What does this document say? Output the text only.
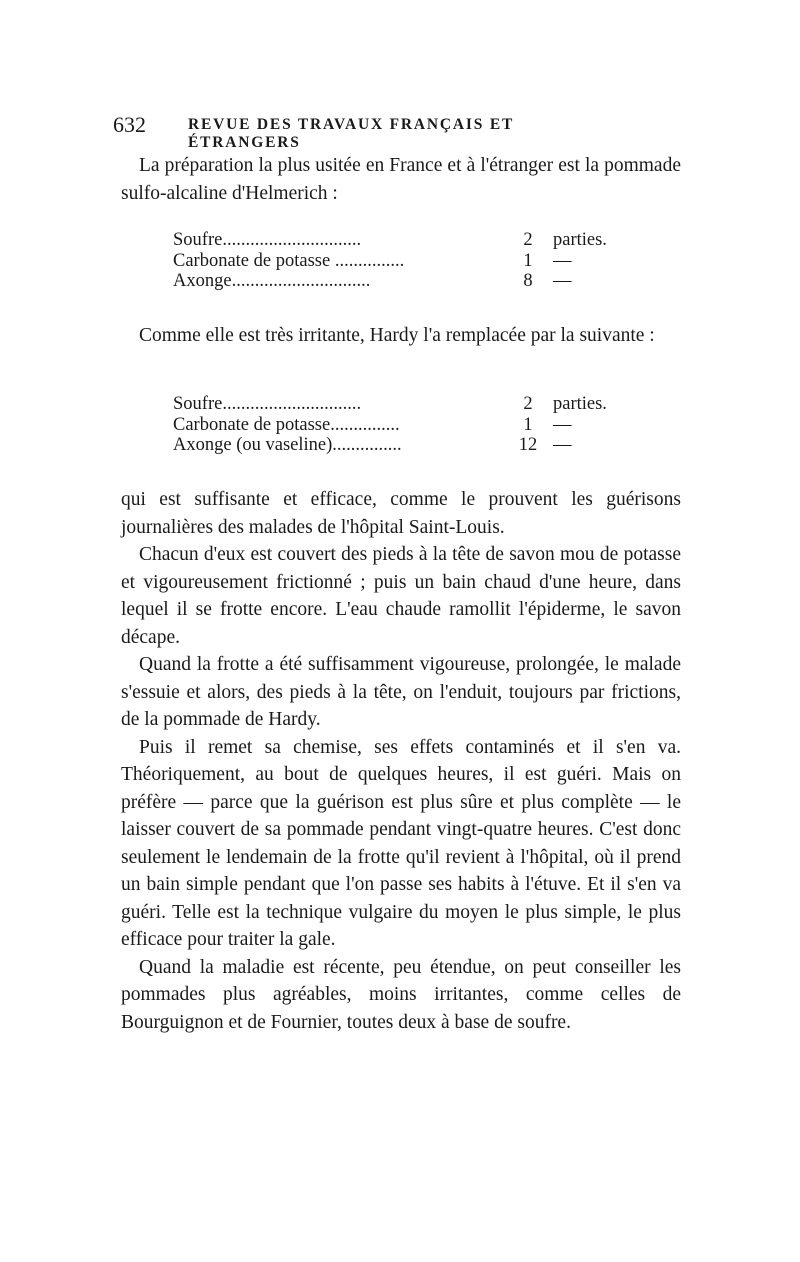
632	REVUE DES TRAVAUX FRANÇAIS ET ÉTRANGERS

La préparation la plus usitée en France et à l'étranger est la pommade sulfo-alcaline d'Helmerich :

Soufre..............................	2	parties.
Carbonate de potasse ...............	1	—
Axonge..............................	8	—

Comme elle est très irritante, Hardy l'a remplacée par la suivante :

Soufre..............................	2	parties.
Carbonate de potasse...............	1	—
Axonge (ou vaseline)...............	12 —

qui est suffisante et efficace, comme le prouvent les guérisons journalières des malades de l'hôpital Saint-Louis.

Chacun d'eux est couvert des pieds à la tête de savon mou de potasse et vigoureusement frictionné ; puis un bain chaud d'une heure, dans lequel il se frotte encore. L'eau chaude ramollit l'épiderme, le savon décape.

Quand la frotte a été suffisamment vigoureuse, prolongée, le malade s'essuie et alors, des pieds à la tête, on l'enduit, toujours par frictions, de la pommade de Hardy.

Puis il remet sa chemise, ses effets contaminés et il s'en va. Théoriquement, au bout de quelques heures, il est guéri. Mais on préfère — parce que la guérison est plus sûre et plus complète — le laisser couvert de sa pommade pendant vingt-quatre heures. C'est donc seulement le lendemain de la frotte qu'il revient à l'hôpital, où il prend un bain simple pendant que l'on passe ses habits à l'étuve. Et il s'en va guéri. Telle est la technique vulgaire du moyen le plus simple, le plus efficace pour traiter la gale.

Quand la maladie est récente, peu étendue, on peut conseiller les pommades plus agréables, moins irritantes, comme celles de Bourguignon et de Fournier, toutes deux à base de soufre.
